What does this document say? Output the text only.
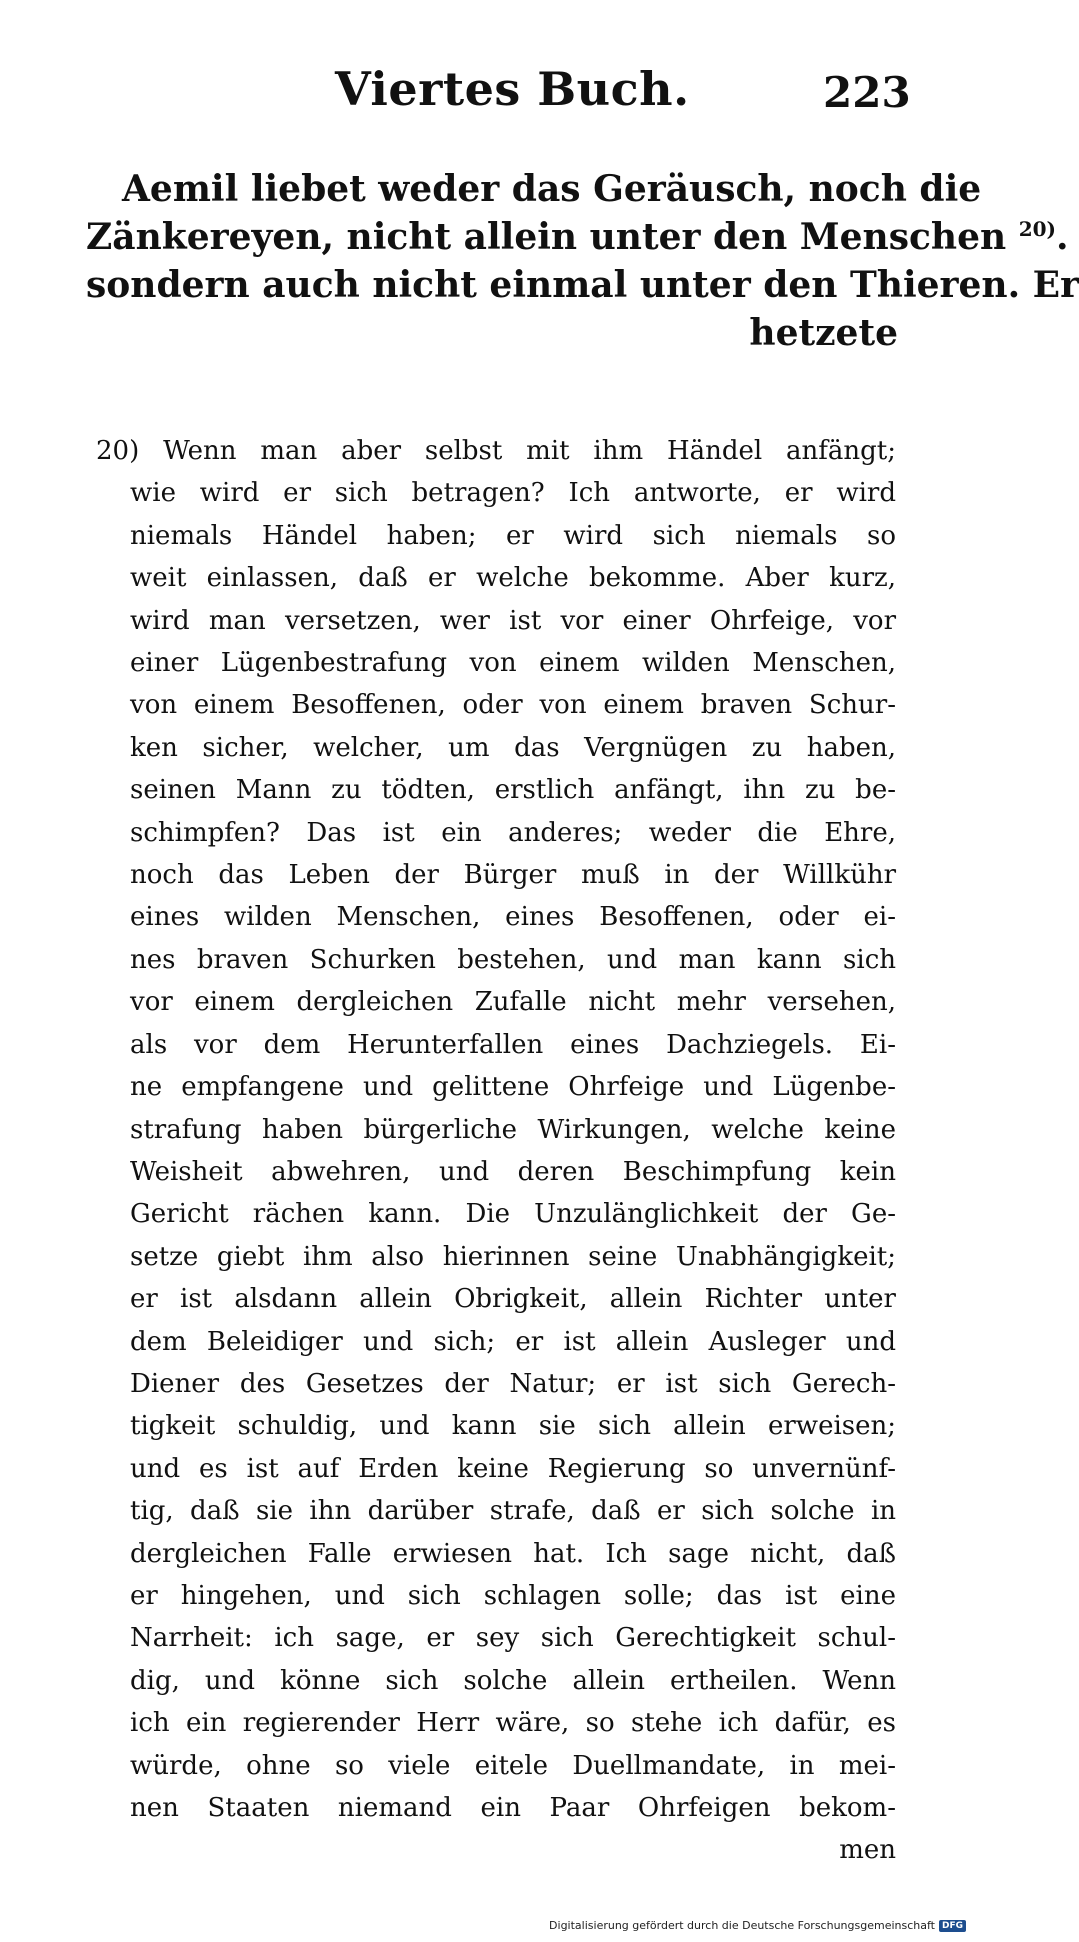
Viertes Buch.	223
Aemil liebet weder das Geräusch, noch die
Zänkereyen, nicht allein unter den Menschen $^{20)}$.
sondern auch nicht einmal unter den Thieren. Er
hetzete
20) Wenn man aber selbst mit ihm Händel anfängt;
wie wird er sich betragen? Ich antworte, er wird
niemals Händel haben; er wird sich niemals so
weit einlassen, daß er welche bekomme. Aber kurz,
wird man versetzen, wer ist vor einer Ohrfeige, vor
einer Lügenbestrafung von einem wilden Menschen,
von einem Besoffenen, oder von einem braven Schur-
ken sicher, welcher, um das Vergnügen zu haben,
seinen Mann zu tödten, erstlich anfängt, ihn zu be-
schimpfen? Das ist ein anderes; weder die Ehre,
noch das Leben der Bürger muß in der Willkühr
eines wilden Menschen, eines Besoffenen, oder ei-
nes braven Schurken bestehen, und man kann sich
vor einem dergleichen Zufalle nicht mehr versehen,
als vor dem Herunterfallen eines Dachziegels. Ei-
ne empfangene und gelittene Ohrfeige und Lügenbe-
strafung haben bürgerliche Wirkungen, welche keine
Weisheit abwehren, und deren Beschimpfung kein
Gericht rächen kann. Die Unzulänglichkeit der Ge-
setze giebt ihm also hierinnen seine Unabhängigkeit;
er ist alsdann allein Obrigkeit, allein Richter unter
dem Beleidiger und sich; er ist allein Ausleger und
Diener des Gesetzes der Natur; er ist sich Gerech-
tigkeit schuldig, und kann sie sich allein erweisen;
und es ist auf Erden keine Regierung so unvernünf-
tig, daß sie ihn darüber strafe, daß er sich solche in
dergleichen Falle erwiesen hat. Ich sage nicht, daß
er hingehen, und sich schlagen solle; das ist eine
Narrheit: ich sage, er sey sich Gerechtigkeit schul-
dig, und könne sich solche allein ertheilen. Wenn
ich ein regierender Herr wäre, so stehe ich dafür, es
würde, ohne so viele eitele Duellmandate, in mei-
nen Staaten niemand ein Paar Ohrfeigen bekom-
men
Digitalisierung gefördert durch die Deutsche Forschungsgemeinschaft DFG
